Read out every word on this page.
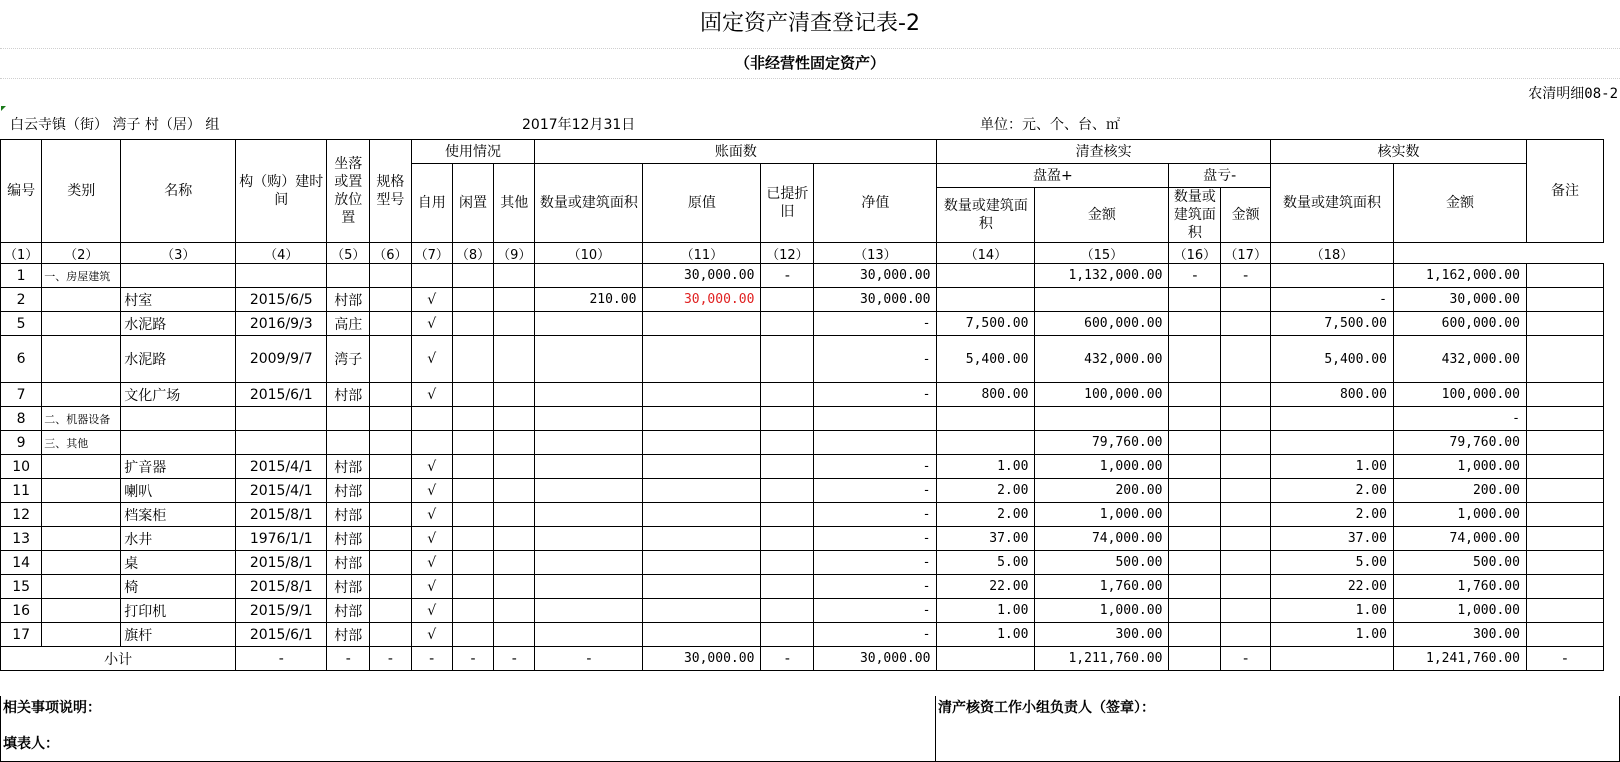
固定资产清查登记表-2
（非经营性固定资产）
农清明细08-2
白云寺镇（街） 湾子 村（居） 组	2017年12月31日	单位：元、个、台、㎡
编号	类别	名称	构（购）建时间	坐落或置放位置	规格型号	使用情况			账面数				清查核实				核实数		备注
						自用	闲置	其他	数量或建筑面积	原值	已提折旧	净值	盘盈+		盘亏-		数量或建筑面积	金额	
													数量或建筑面积	金额	数量或建筑面积	金额			
（1）	（2）	（3）	（4）	（5）	（6）	（7）	（8）	（9）	（10）	（11）	（12）	（13）	（14）	（15）	（16）	（17）	（18）		
1	一、房屋建筑									30,000.00	-	30,000.00		1,132,000.00	-	-		1,162,000.00	
2		村室	2015/6/5	村部		√			210.00	30,000.00		30,000.00					-	30,000.00	
5		水泥路	2016/9/3	高庄		√						-	7,500.00	600,000.00			7,500.00	600,000.00	
6		水泥路	2009/9/7	湾子		√						-	5,400.00	432,000.00			5,400.00	432,000.00	
7		文化广场	2015/6/1	村部		√						-	800.00	100,000.00			800.00	100,000.00	
8	二、机器设备																	-	
9	三、其他													79,760.00				79,760.00	
10		扩音器	2015/4/1	村部		√						-	1.00	1,000.00			1.00	1,000.00	
11		喇叭	2015/4/1	村部		√						-	2.00	200.00			2.00	200.00	
12		档案柜	2015/8/1	村部		√						-	2.00	1,000.00			2.00	1,000.00	
13		水井	1976/1/1	村部		√						-	37.00	74,000.00			37.00	74,000.00	
14		桌	2015/8/1	村部		√						-	5.00	500.00			5.00	500.00	
15		椅	2015/8/1	村部		√						-	22.00	1,760.00			22.00	1,760.00	
16		打印机	2015/9/1	村部		√						-	1.00	1,000.00			1.00	1,000.00	
17		旗杆	2015/6/1	村部		√						-	1.00	300.00			1.00	300.00	
小计			-	-	-	-	-	-	-	30,000.00	-	30,000.00		1,211,760.00		-		1,241,760.00	-
相关事项说明：
填表人：
清产核资工作小组负责人（签章）：
